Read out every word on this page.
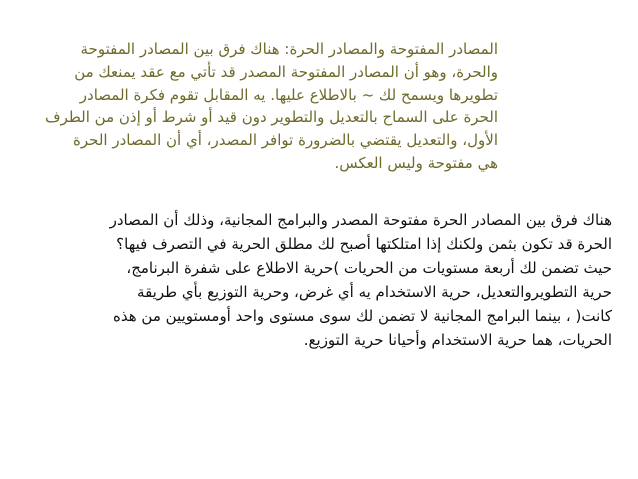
المصادر المفتوحة والمصادر الحرة: هناك فرق بين المصادر المفتوحة
والحرة، وهو أن المصادر المفتوحة المصدر قد تأتي مع عقد يمنعك من
تطويرها ويسمح لك ~ بالاطلاع عليها. يه المقابل تقوم فكرة المصادر
الحرة على السماح بالتعديل والتطوير دون قيد أو شرط أو إذن من الطرف
الأول، والتعديل يقتضي بالضرورة توافر المصدر، أي أن المصادر الحرة
هي مفتوحة وليس العكس.
هناك فرق بين المصادر الحرة مفتوحة المصدر والبرامج المجانية، وذلك أن المصادر
الحرة قد تكون بثمن ولكنك إذا امتلكتها أصبح لك مطلق الحرية في التصرف فيها؟
حيث تضمن لك أربعة مستويات من الحريات )حرية الاطلاع على شفرة البرنامج،
حرية التطويروالتعديل، حرية الاستخدام يه أي غرض، وحرية التوزيع بأي طريقة
كانت( ، بينما البرامج المجانية لا تضمن لك سوى مستوى واحد أومستويين من هذه
الحريات، هما حرية الاستخدام وأحيانا حرية التوزيع.
